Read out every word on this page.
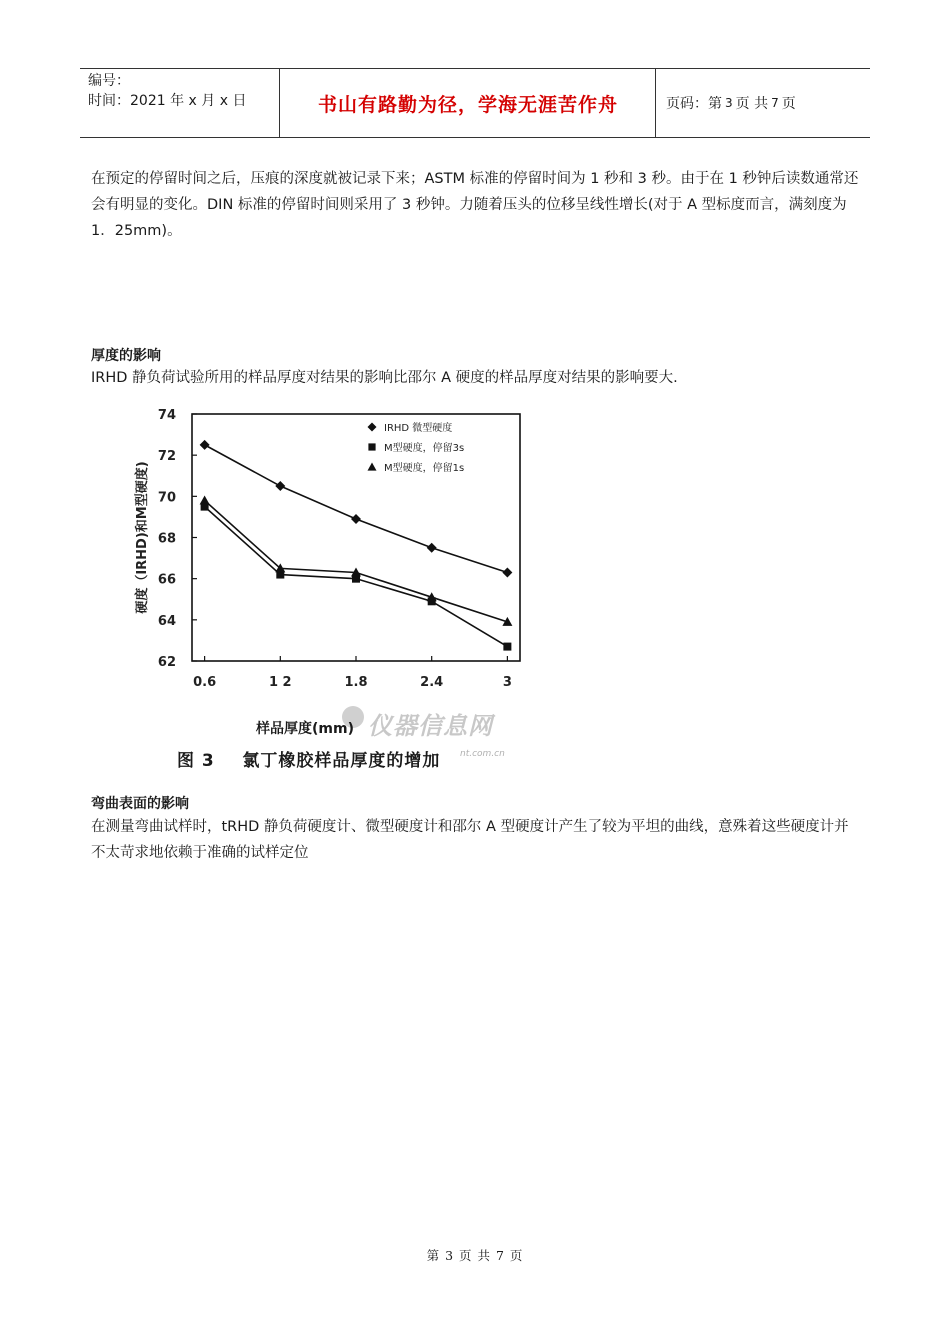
编号：
时间：2021 年 x 月 x 日	书山有路勤为径，学海无涯苦作舟	页码：第 3 页 共 7 页

在预定的停留时间之后，压痕的深度就被记录下来；ASTM 标准的停留时间为 1 秒和 3 秒。由于在 1 秒钟后读数通常还会有明显的变化。DIN 标准的停留时间则采用了 3 秒钟。力随着压头的位移呈线性增长(对于 A 型标度而言，满刻度为 1．25mm)。

厚度的影响

IRHD 静负荷试验所用的样品厚度对结果的影响比邵尔 A 硬度的样品厚度对结果的影响要大.

62
64
66
68
70
72
74
0.6	1 2	1.8	2.4	3
硬度（IRHD)和M型硬度)
IRHD 微型硬度
M型硬度，停留3s
M型硬度，停留1s
仪器信息网
nt.com.cn
样品厚度(mm)
图 3    氯丁橡胶样品厚度的增加

弯曲表面的影响

在测量弯曲试样时，tRHD 静负荷硬度计、微型硬度计和邵尔 A 型硬度计产生了较为平坦的曲线，意殊着这些硬度计并不太苛求地依赖于准确的试样定位

第 3 页 共 7 页
